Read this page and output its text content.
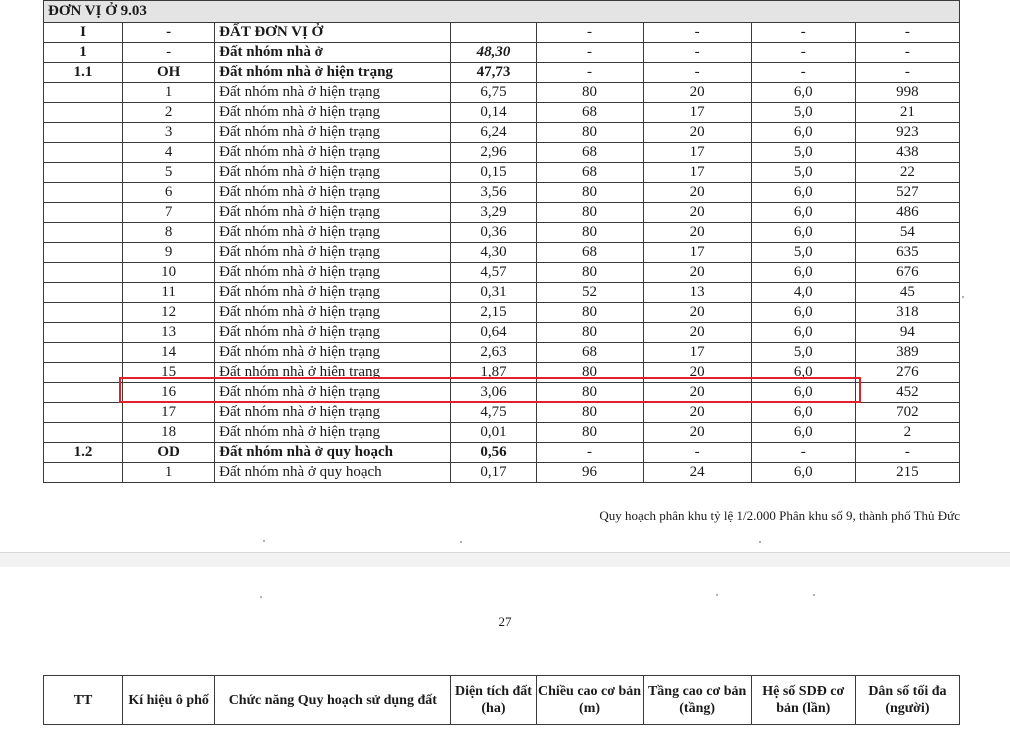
ĐƠN VỊ Ở 9.03							
I	-	ĐẤT ĐƠN VỊ Ở		-	-	-	-
1	-	Đất nhóm nhà ở	48,30	-	-	-	-
1.1	OH	Đất nhóm nhà ở hiện trạng	47,73	-	-	-	-
	1	Đất nhóm nhà ở hiện trạng	6,75	80	20	6,0	998
	2	Đất nhóm nhà ở hiện trạng	0,14	68	17	5,0	21
	3	Đất nhóm nhà ở hiện trạng	6,24	80	20	6,0	923
	4	Đất nhóm nhà ở hiện trạng	2,96	68	17	5,0	438
	5	Đất nhóm nhà ở hiện trạng	0,15	68	17	5,0	22
	6	Đất nhóm nhà ở hiện trạng	3,56	80	20	6,0	527
	7	Đất nhóm nhà ở hiện trạng	3,29	80	20	6,0	486
	8	Đất nhóm nhà ở hiện trạng	0,36	80	20	6,0	54
	9	Đất nhóm nhà ở hiện trạng	4,30	68	17	5,0	635
	10	Đất nhóm nhà ở hiện trạng	4,57	80	20	6,0	676
	11	Đất nhóm nhà ở hiện trạng	0,31	52	13	4,0	45
	12	Đất nhóm nhà ở hiện trạng	2,15	80	20	6,0	318
	13	Đất nhóm nhà ở hiện trạng	0,64	80	20	6,0	94
	14	Đất nhóm nhà ở hiện trạng	2,63	68	17	5,0	389
	15	Đất nhóm nhà ở hiện trạng	1,87	80	20	6,0	276
	16	Đất nhóm nhà ở hiện trạng	3,06	80	20	6,0	452
	17	Đất nhóm nhà ở hiện trạng	4,75	80	20	6,0	702
	18	Đất nhóm nhà ở hiện trạng	0,01	80	20	6,0	2
1.2	OD	Đất nhóm nhà ở quy hoạch	0,56	-	-	-	-
	1	Đất nhóm nhà ở quy hoạch	0,17	96	24	6,0	215
Quy hoạch phân khu tỷ lệ 1/2.000 Phân khu số 9, thành phố Thủ Đức
27
TT	Kí hiệu ô phố	Chức năng Quy hoạch sử dụng đất	Diện tích đất (ha)	Chiều cao cơ bản (m)	Tầng cao cơ bản (tầng)	Hệ số SDĐ cơ bản (lần)	Dân số tối đa (người)
